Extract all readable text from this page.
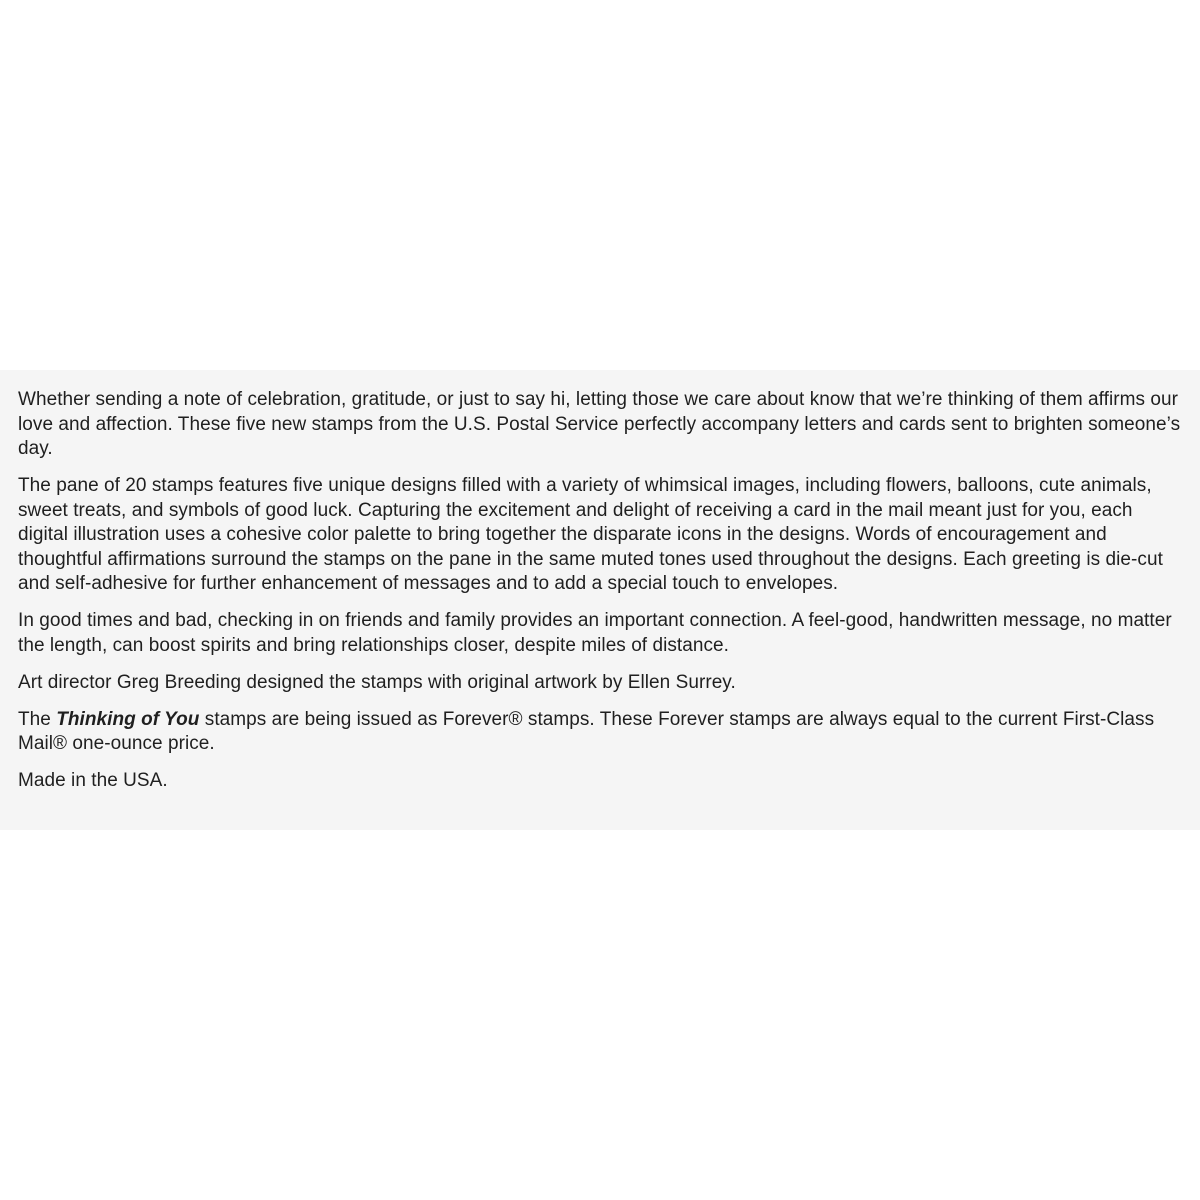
Whether sending a note of celebration, gratitude, or just to say hi, letting those we care about know that we’re thinking of them affirms our love and affection. These five new stamps from the U.S. Postal Service perfectly accompany letters and cards sent to brighten someone’s day.

The pane of 20 stamps features five unique designs filled with a variety of whimsical images, including flowers, balloons, cute animals, sweet treats, and symbols of good luck. Capturing the excitement and delight of receiving a card in the mail meant just for you, each digital illustration uses a cohesive color palette to bring together the disparate icons in the designs. Words of encouragement and thoughtful affirmations surround the stamps on the pane in the same muted tones used throughout the designs. Each greeting is die-cut and self-adhesive for further enhancement of messages and to add a special touch to envelopes.

In good times and bad, checking in on friends and family provides an important connection. A feel-good, handwritten message, no matter the length, can boost spirits and bring relationships closer, despite miles of distance.

Art director Greg Breeding designed the stamps with original artwork by Ellen Surrey.

The Thinking of You stamps are being issued as Forever® stamps. These Forever stamps are always equal to the current First-Class Mail® one-ounce price.

Made in the USA.
